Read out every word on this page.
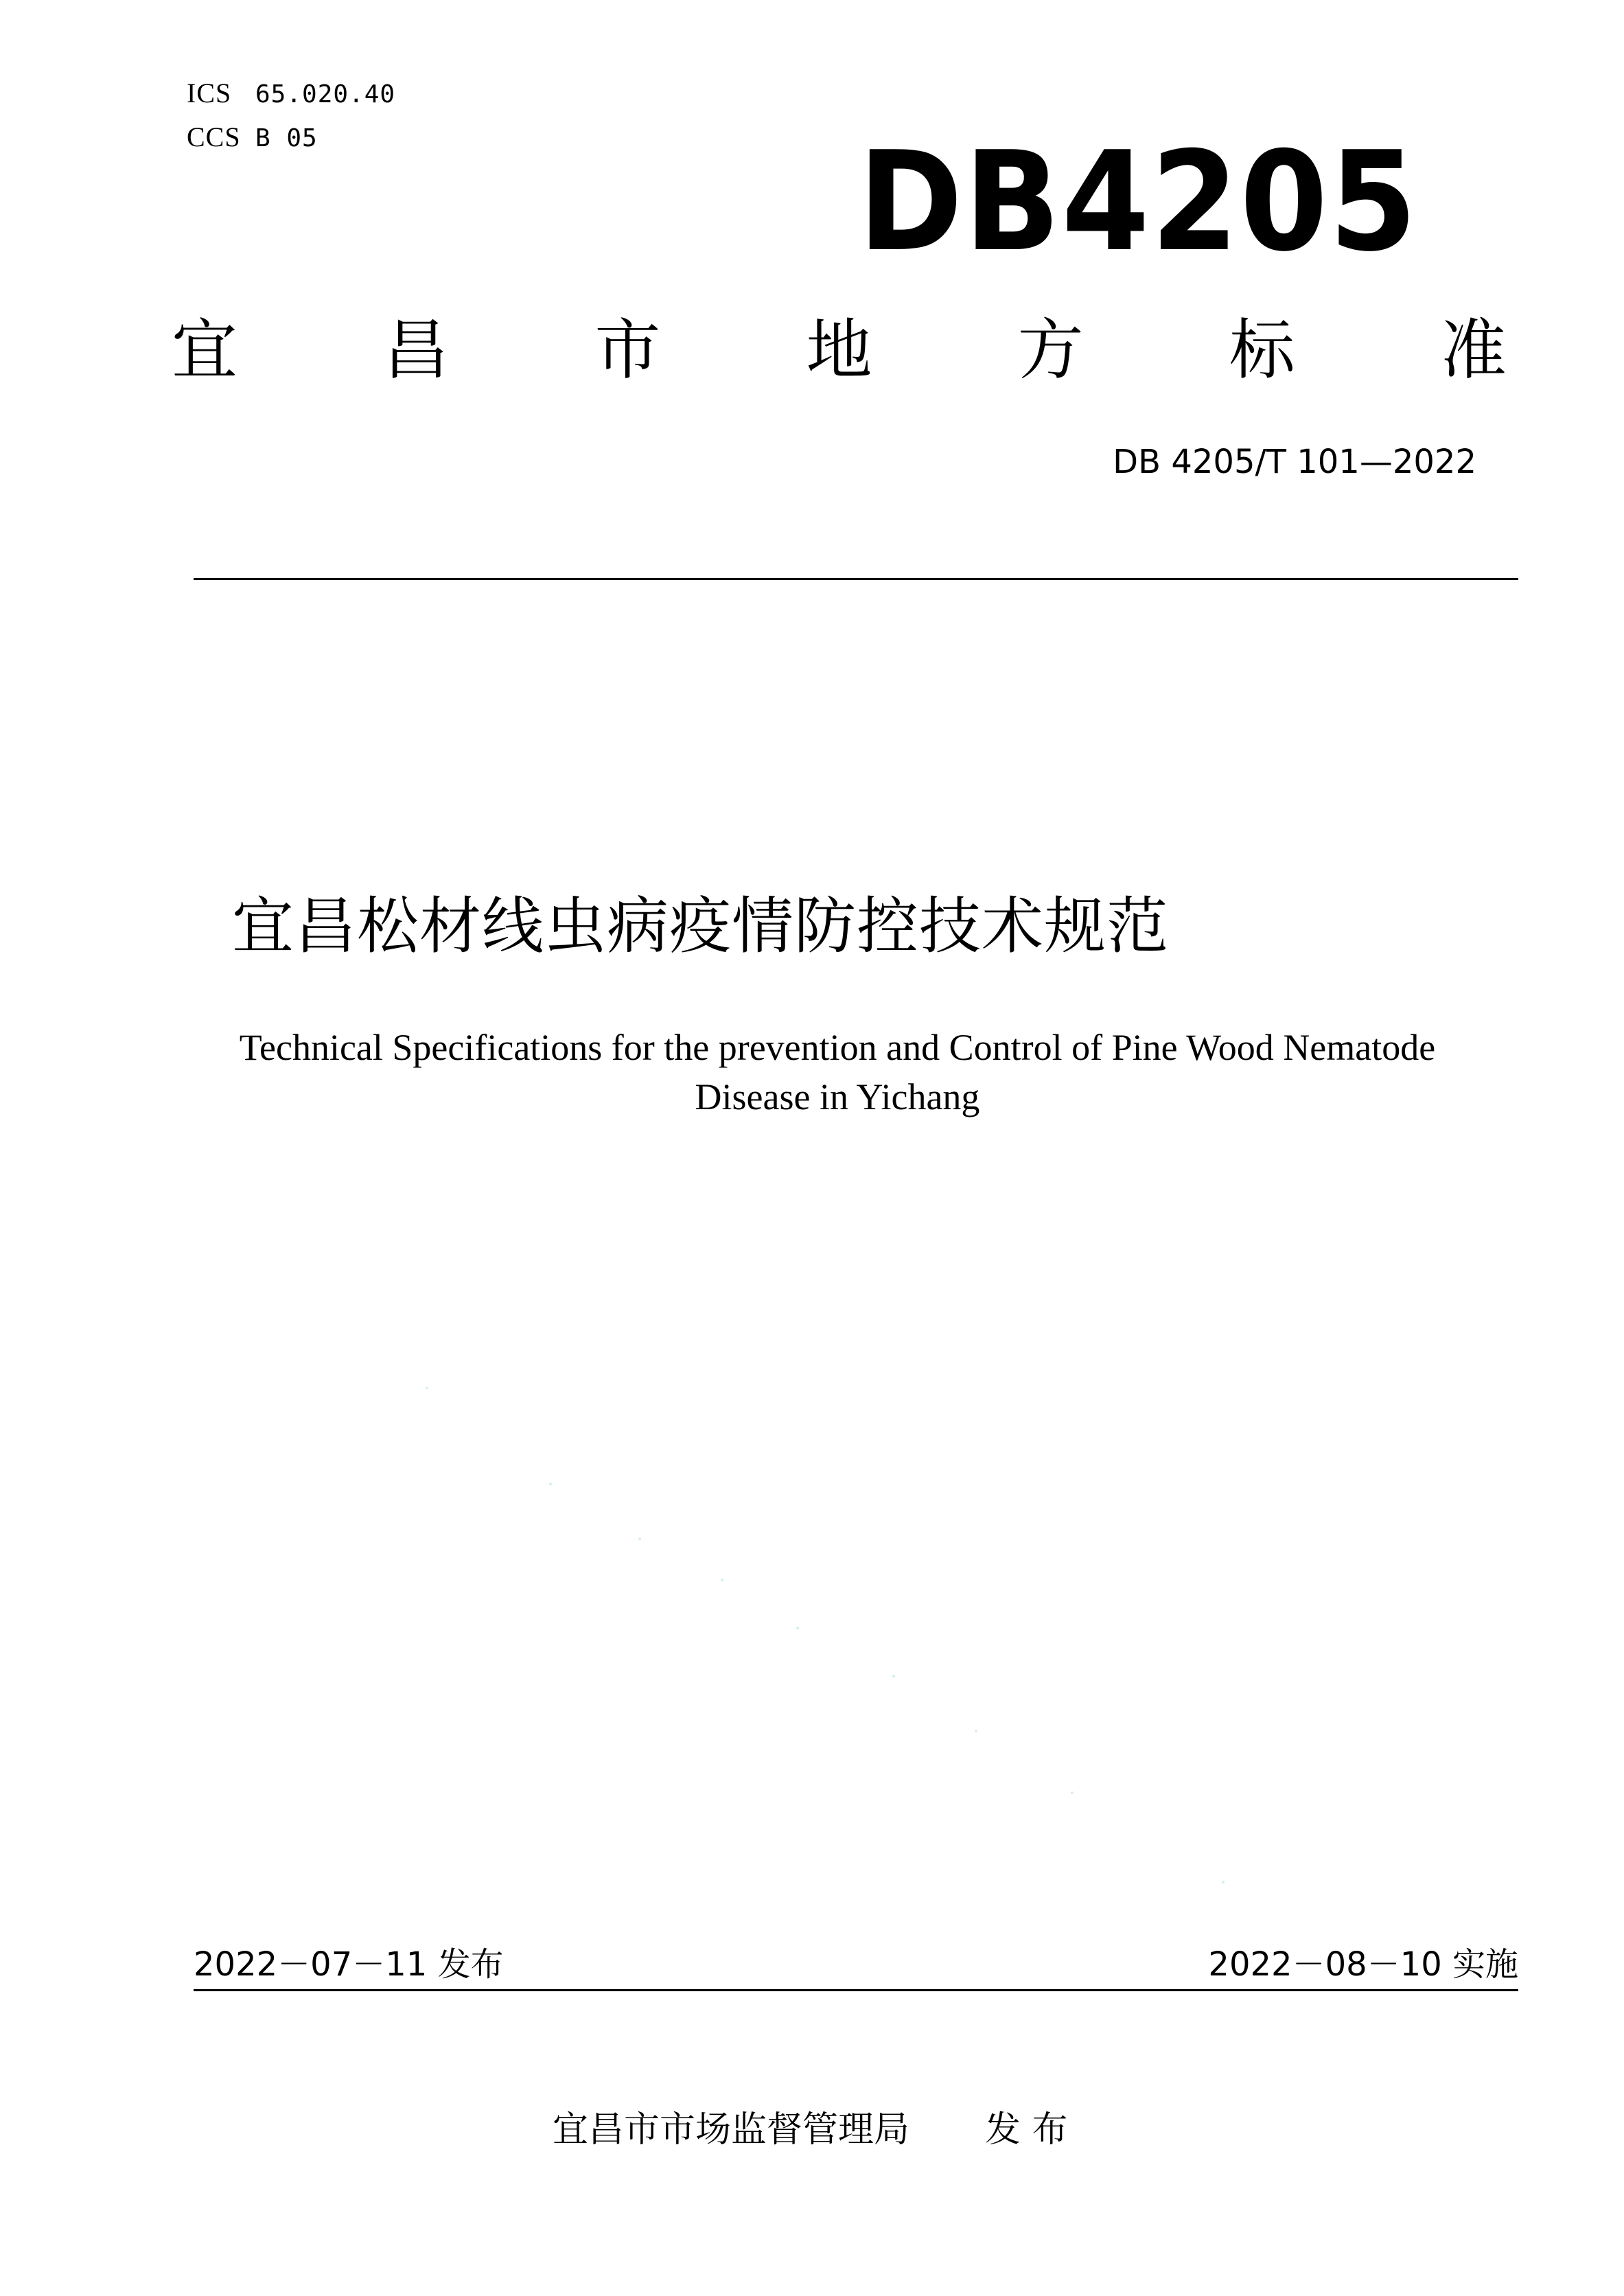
ICS 65.020.40
CCS B 05	DB4205
宜 昌 市 地 方 标 准
DB 4205/T 101—2022
宜昌松材线虫病疫情防控技术规范
Technical Specifications for the prevention and Control of Pine Wood Nematode
Disease in Yichang
2022－07－11 发布	2022－08－10 实施
宜昌市市场监督管理局 发 布
